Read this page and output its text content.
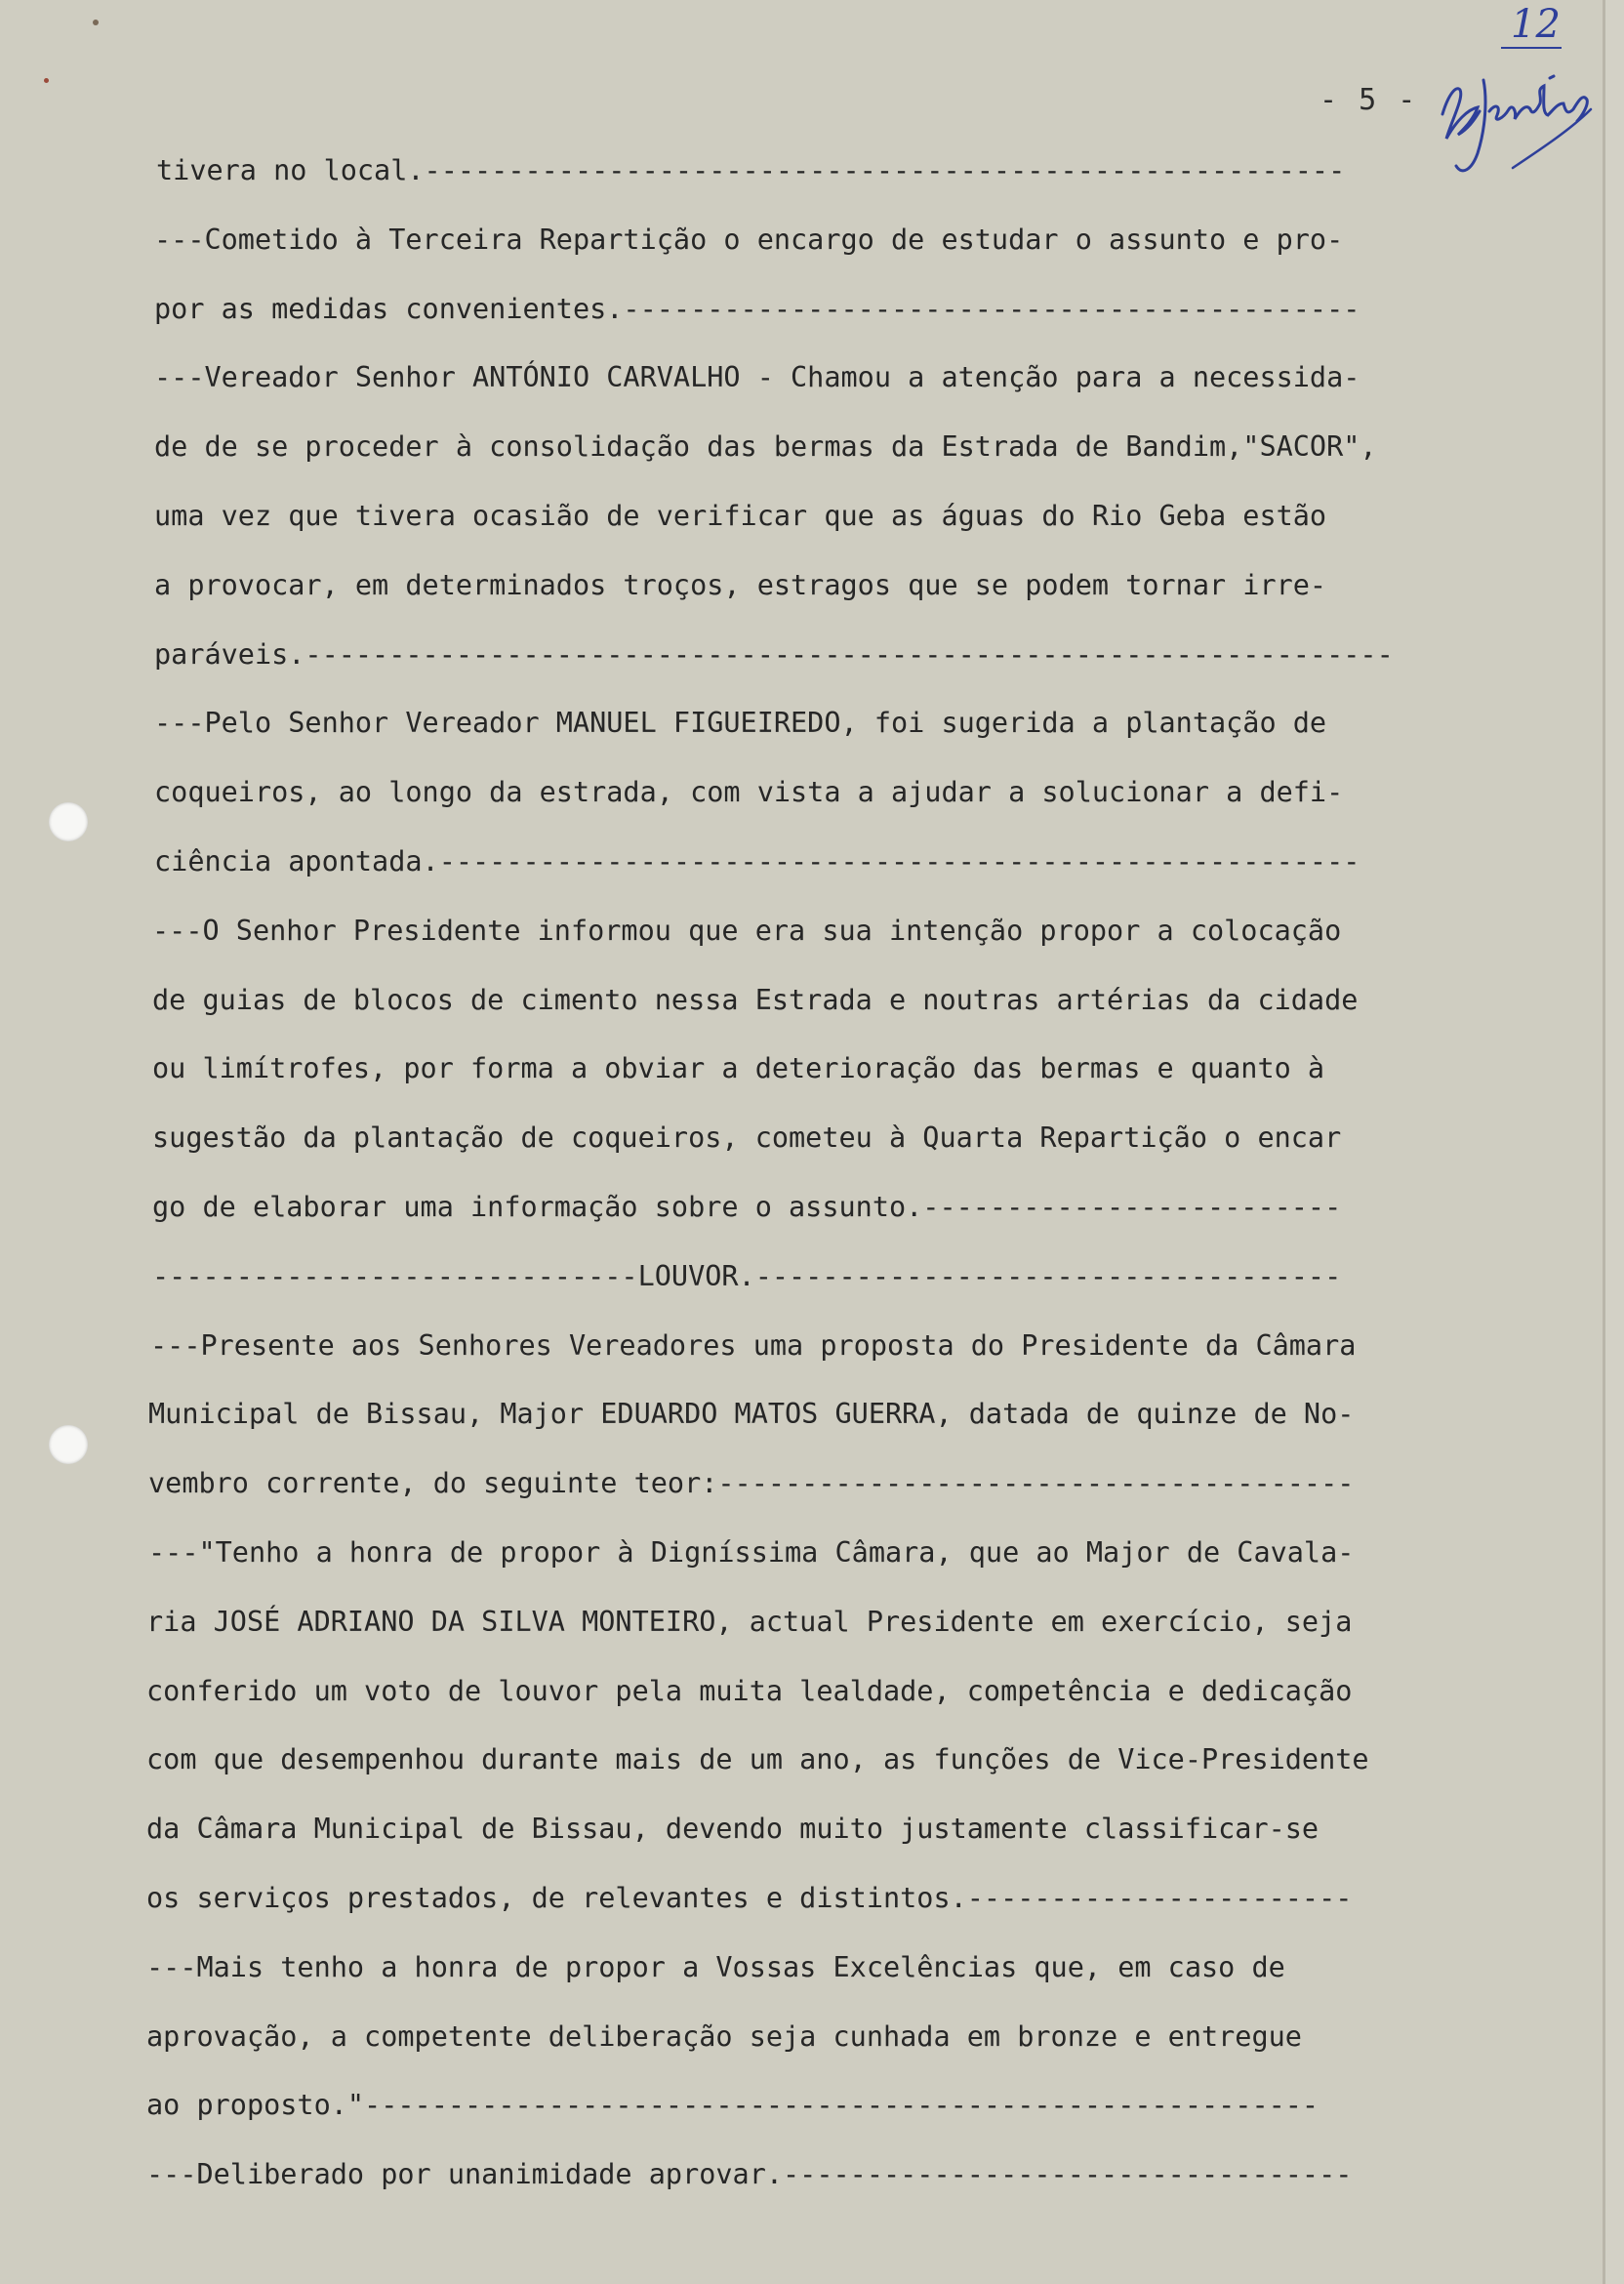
- 5 -
12
tivera no local.-------------------------------------------------------
---Cometido à Terceira Repartição o encargo de estudar o assunto e pro-
por as medidas convenientes.--------------------------------------------
---Vereador Senhor ANTÓNIO CARVALHO - Chamou a atenção para a necessida-
de de se proceder à consolidação das bermas da Estrada de Bandim,"SACOR",
uma vez que tivera ocasião de verificar que as águas do Rio Geba estão
a provocar, em determinados troços, estragos que se podem tornar irre-
paráveis.-----------------------------------------------------------------
---Pelo Senhor Vereador MANUEL FIGUEIREDO, foi sugerida a plantação de
coqueiros, ao longo da estrada, com vista a ajudar a solucionar a defi-
ciência apontada.-------------------------------------------------------
---O Senhor Presidente informou que era sua intenção propor a colocação
de guias de blocos de cimento nessa Estrada e noutras artérias da cidade
ou limítrofes, por forma a obviar a deterioração das bermas e quanto à
sugestão da plantação de coqueiros, cometeu à Quarta Repartição o encar
go de elaborar uma informação sobre o assunto.-------------------------
-----------------------------LOUVOR.-----------------------------------
---Presente aos Senhores Vereadores uma proposta do Presidente da Câmara
Municipal de Bissau, Major EDUARDO MATOS GUERRA, datada de quinze de No-
vembro corrente, do seguinte teor:--------------------------------------
---"Tenho a honra de propor à Digníssima Câmara, que ao Major de Cavala-
ria JOSÉ ADRIANO DA SILVA MONTEIRO, actual Presidente em exercício, seja
conferido um voto de louvor pela muita lealdade, competência e dedicação
com que desempenhou durante mais de um ano, as funções de Vice-Presidente
da Câmara Municipal de Bissau, devendo muito justamente classificar-se
os serviços prestados, de relevantes e distintos.-----------------------
---Mais tenho a honra de propor a Vossas Excelências que, em caso de
aprovação, a competente deliberação seja cunhada em bronze e entregue
ao proposto."---------------------------------------------------------
---Deliberado por unanimidade aprovar.----------------------------------
